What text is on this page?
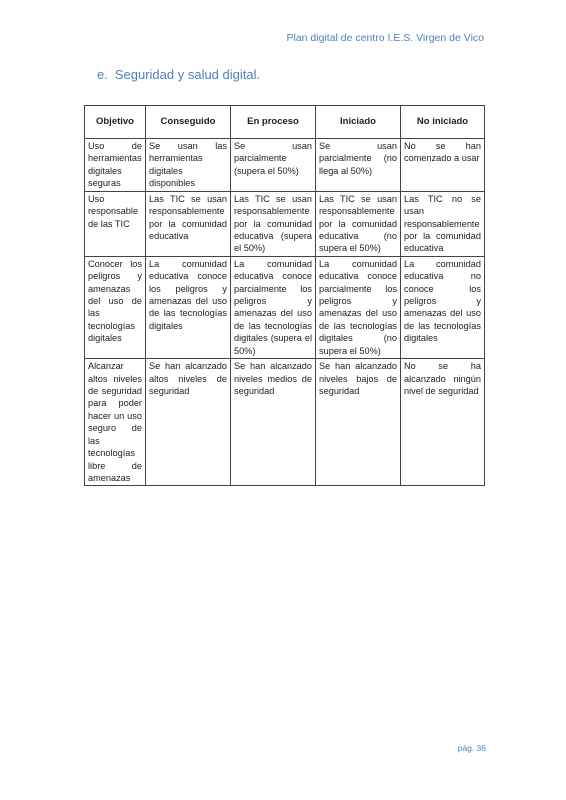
Plan digital de centro I.E.S. Virgen de Vico
e. Seguridad y salud digital.
Objetivo	Conseguido	En proceso	Iniciado	No iniciado
Uso de herramientas digitales seguras	Se usan las herramientas digitales disponibles	Se usan parcialmente (supera el 50%)	Se usan parcialmente (no llega al 50%)	No se han comenzado a usar
Uso responsable de las TIC	Las TIC se usan responsablemente por la comunidad educativa	Las TIC se usan responsablemente por la comunidad educativa (supera el 50%)	Las TIC se usan responsablemente por la comunidad educativa (no supera el 50%)	Las TIC no se usan responsablemente por la comunidad educativa
Conocer los peligros y amenazas del uso de las tecnologías digitales	La comunidad educativa conoce los peligros y amenazas del uso de las tecnologías digitales	La comunidad educativa conoce parcialmente los peligros y amenazas del uso de las tecnologías digitales (supera el 50%)	La comunidad educativa conoce parcialmente los peligros y amenazas del uso de las tecnologías digitales (no supera el 50%)	La comunidad educativa no conoce los peligros y amenazas del uso de las tecnologías digitales
Alcanzar altos niveles de seguridad para poder hacer un uso seguro de las tecnologías libre de amenazas	Se han alcanzado altos niveles de seguridad	Se han alcanzado niveles medios de seguridad	Se han alcanzado niveles bajos de seguridad	No se ha alcanzado ningún nivel de seguridad
pág. 36
